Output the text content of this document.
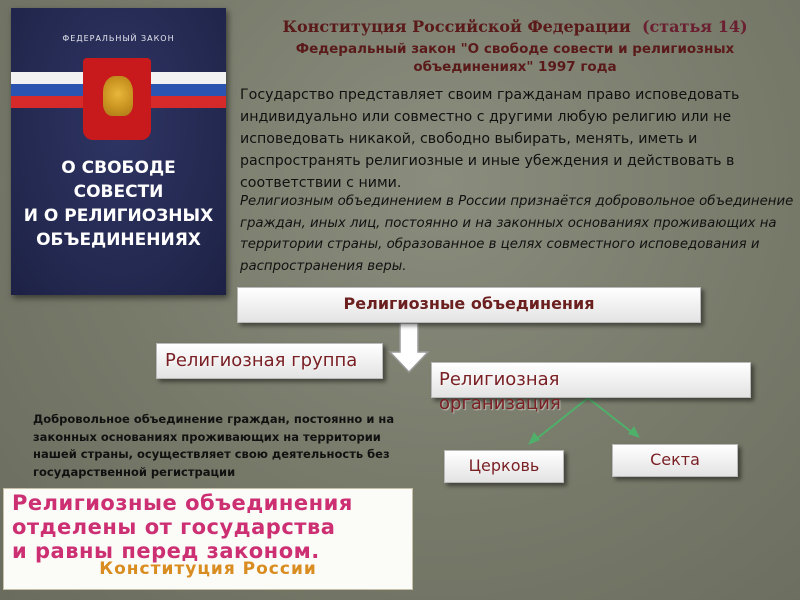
ФЕДЕРАЛЬНЫЙ ЗАКОН
О СВОБОДЕ СОВЕСТИ
И О РЕЛИГИОЗНЫХ
ОБЪЕДИНЕНИЯХ
Конституция Российской Федерации (статья 14)
Федеральный закон "О свободе совести и религиозных
объединениях" 1997 года
Государство представляет своим гражданам право исповедовать индивидуально или совместно с другими любую религию или не исповедовать никакой, свободно выбирать, менять, иметь и распространять религиозные и иные убеждения и действовать в соответствии с ними.
Религиозным объединением в России признаётся добровольное объединение граждан, иных лиц, постоянно и на законных основаниях проживающих на территории страны, образованное в целях совместного исповедования и распространения веры.
Религиозные объединения
Религиозная группа
Религиозная организация
Церковь	Секта
Добровольное объединение граждан, постоянно и на законных основаниях проживающих на территории нашей страны, осуществляет свою деятельность без государственной регистрации
Религиозные объединения
отделены от государства
и равны перед законом.
Конституция России
